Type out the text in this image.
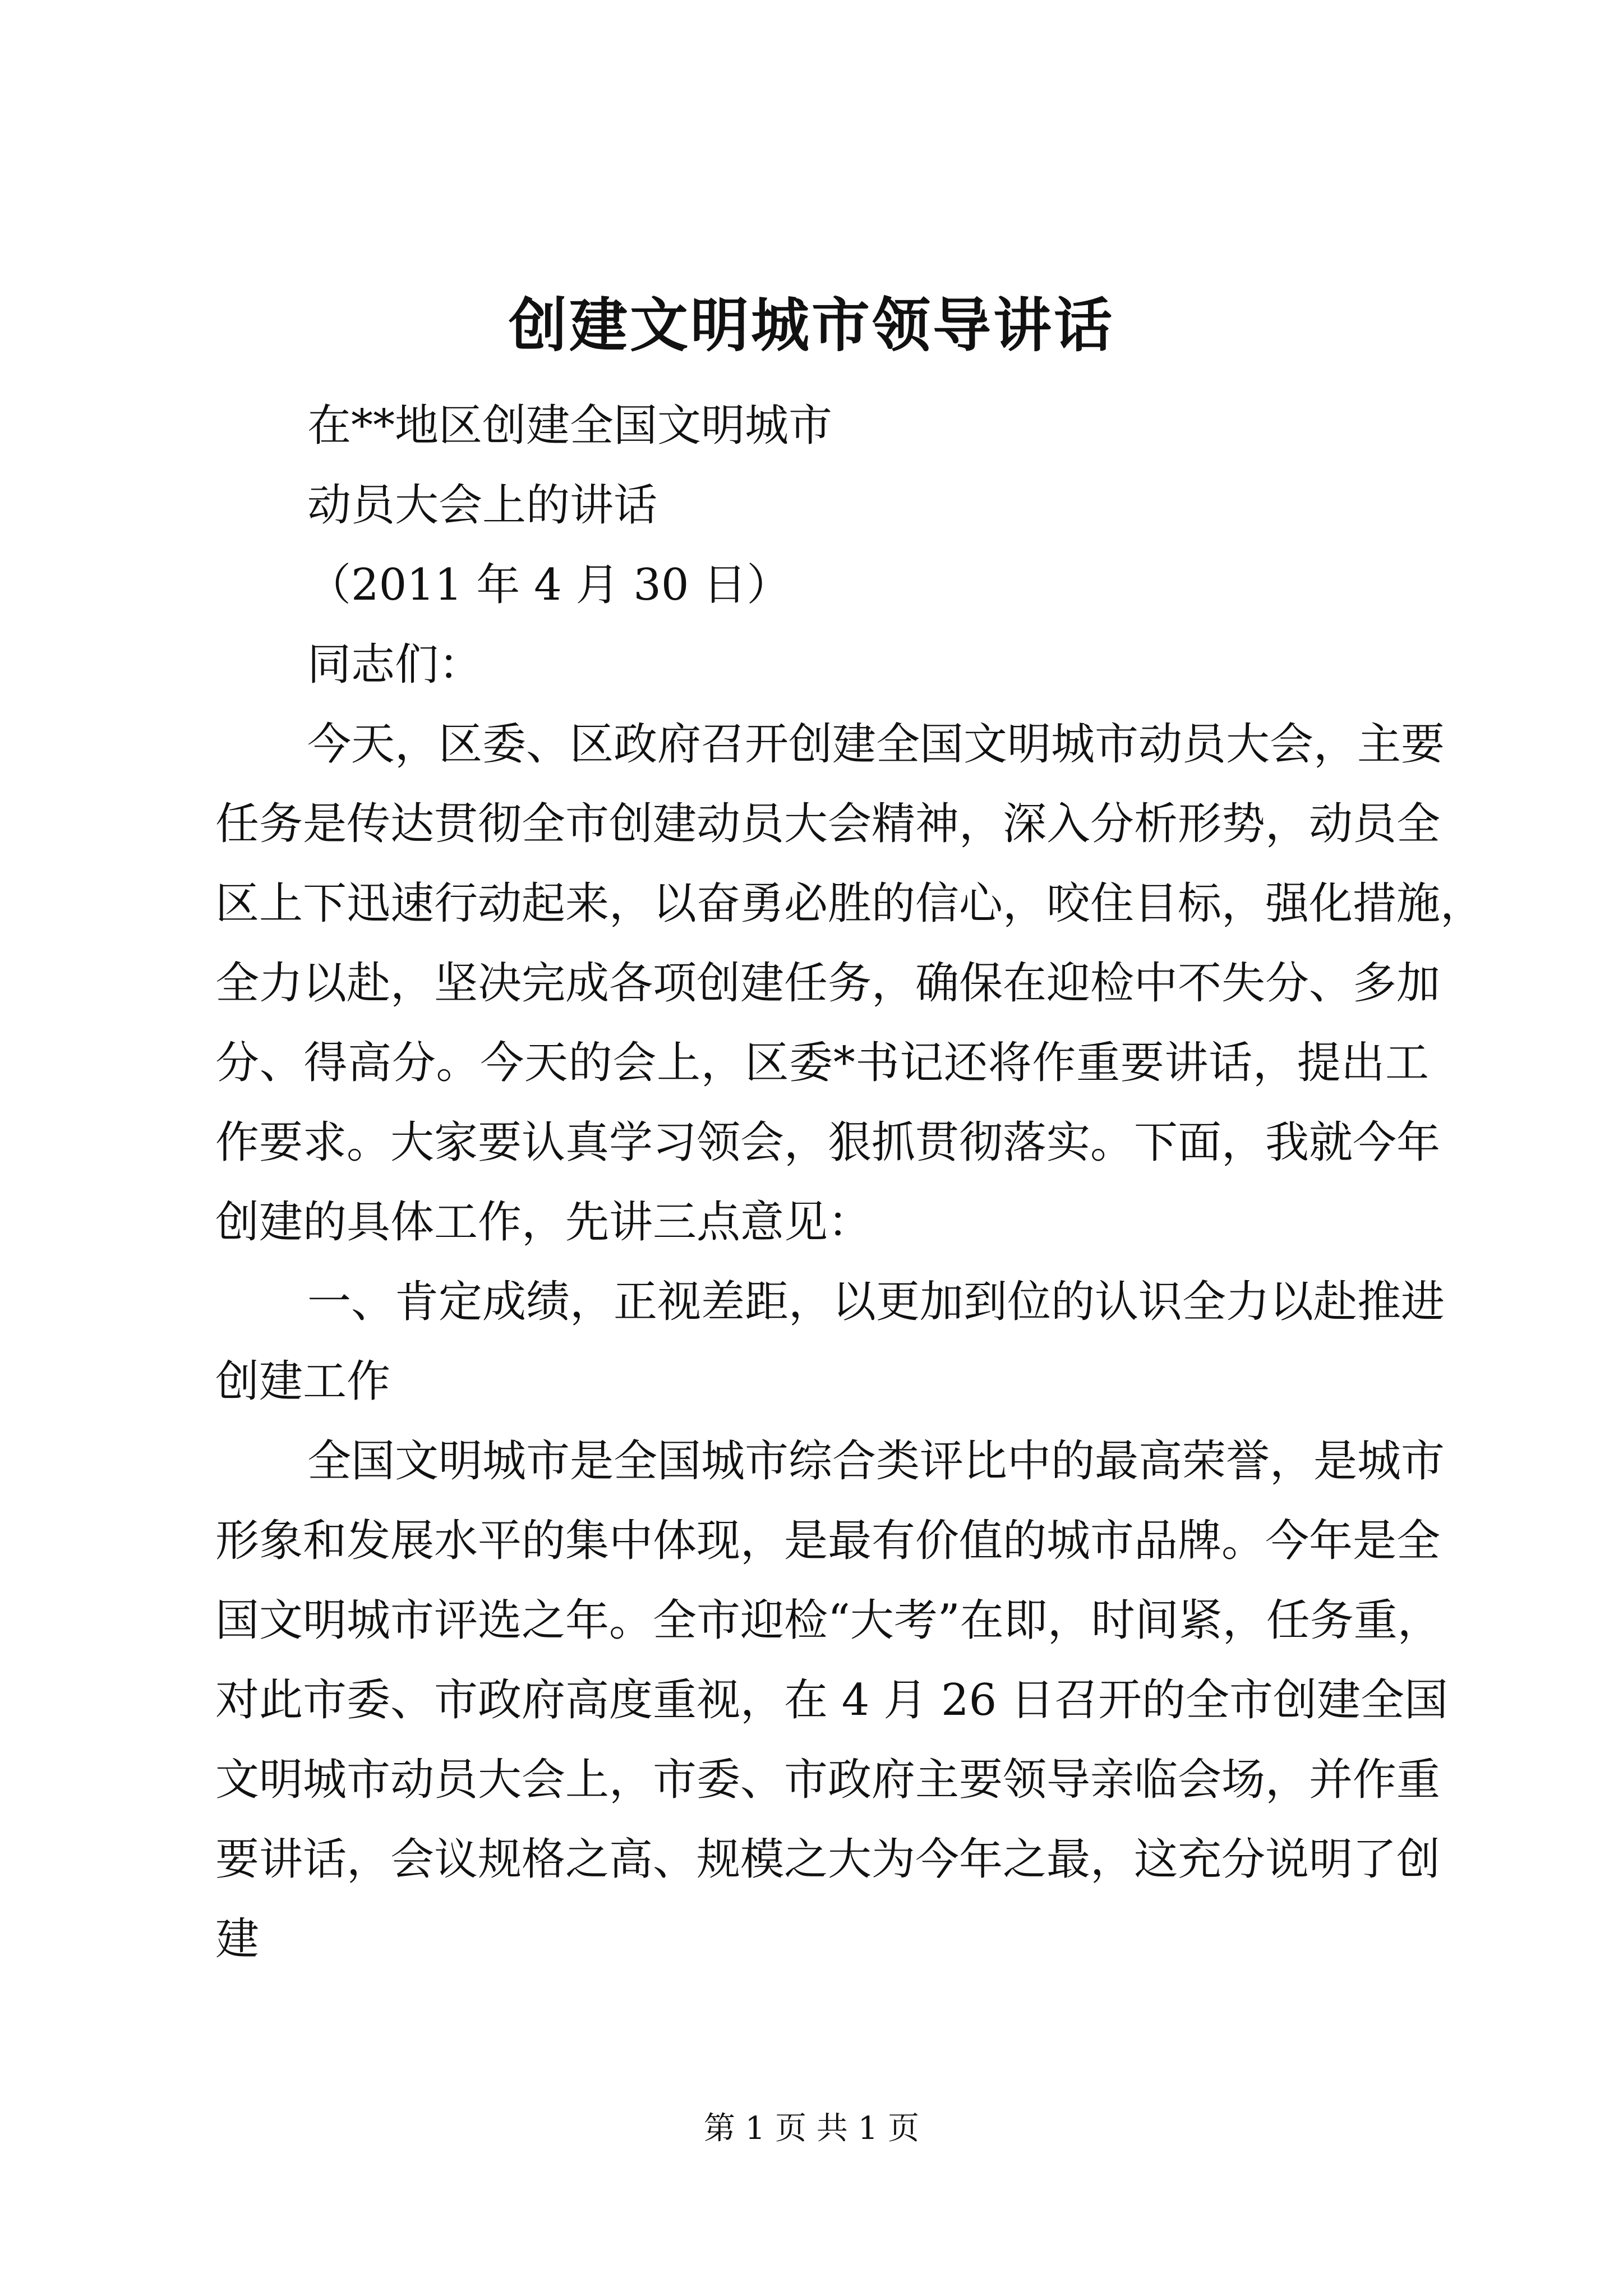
创建文明城市领导讲话

在**地区创建全国文明城市

动员大会上的讲话

（2011 年 4 月 30 日）

同志们：

今天，区委、区政府召开创建全国文明城市动员大会，主要

任务是传达贯彻全市创建动员大会精神，深入分析形势，动员全

区上下迅速行动起来，以奋勇必胜的信心，咬住目标，强化措施，

全力以赴，坚决完成各项创建任务，确保在迎检中不失分、多加

分、得高分。今天的会上，区委*书记还将作重要讲话，提出工

作要求。大家要认真学习领会，狠抓贯彻落实。下面，我就今年

创建的具体工作，先讲三点意见：

一、肯定成绩，正视差距，以更加到位的认识全力以赴推进

创建工作

全国文明城市是全国城市综合类评比中的最高荣誉，是城市

形象和发展水平的集中体现，是最有价值的城市品牌。今年是全

国文明城市评选之年。全市迎检“大考”在即，时间紧，任务重，

对此市委、市政府高度重视，在 4 月 26 日召开的全市创建全国

文明城市动员大会上，市委、市政府主要领导亲临会场，并作重

要讲话，会议规格之高、规模之大为今年之最，这充分说明了创

建

第 1 页 共 1 页
